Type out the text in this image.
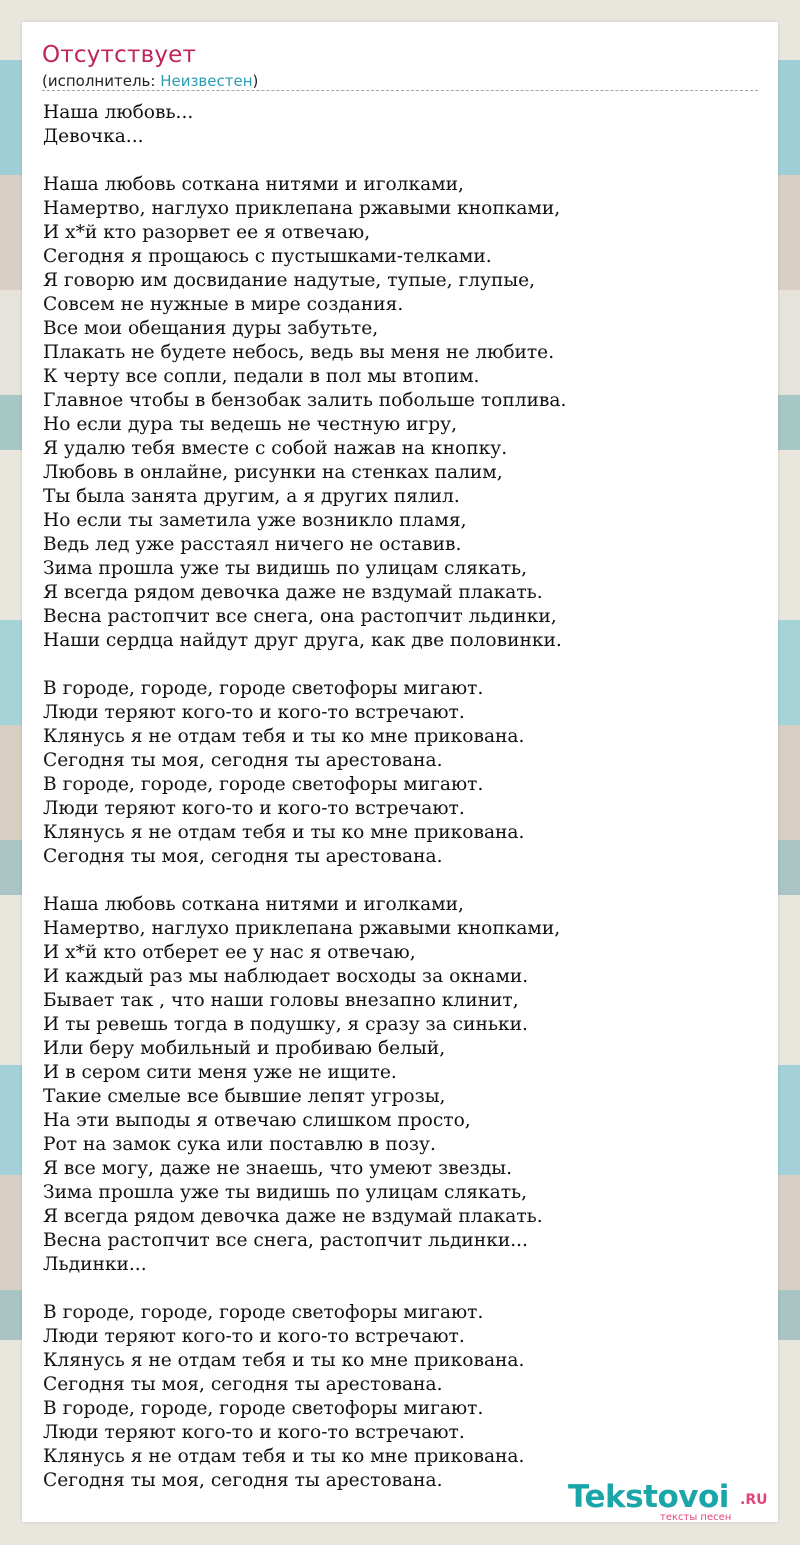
Отсутствует
(исполнитель: Неизвестен)
Наша любовь...
Девочка...
Наша любовь соткана нитями и иголками,
Намертво, наглухо приклепана ржавыми кнопками,
И х*й кто разорвет ее я отвечаю,
Сегодня я прощаюсь с пустышками-телками.
Я говорю им досвидание надутые, тупые, глупые,
Совсем не нужные в мире создания.
Все мои обещания дуры забутьте,
Плакать не будете небось, ведь вы меня не любите.
К черту все сопли, педали в пол мы втопим.
Главное чтобы в бензобак залить побольше топлива.
Но если дура ты ведешь не честную игру,
Я удалю тебя вместе с собой нажав на кнопку.
Любовь в онлайне, рисунки на стенках палим,
Ты была занята другим, а я других пялил.
Но если ты заметила уже возникло пламя,
Ведь лед уже расстаял ничего не оставив.
Зима прошла уже ты видишь по улицам слякать,
Я всегда рядом девочка даже не вздумай плакать.
Весна растопчит все снега, она растопчит льдинки,
Наши сердца найдут друг друга, как две половинки.
В городе, городе, городе светофоры мигают.
Люди теряют кого-то и кого-то встречают.
Клянусь я не отдам тебя и ты ко мне прикована.
Сегодня ты моя, сегодня ты арестована.
В городе, городе, городе светофоры мигают.
Люди теряют кого-то и кого-то встречают.
Клянусь я не отдам тебя и ты ко мне прикована.
Сегодня ты моя, сегодня ты арестована.
Наша любовь соткана нитями и иголками,
Намертво, наглухо приклепана ржавыми кнопками,
И х*й кто отберет ее у нас я отвечаю,
И каждый раз мы наблюдает восходы за окнами.
Бывает так , что наши головы внезапно клинит,
И ты ревешь тогда в подушку, я сразу за синьки.
Или беру мобильный и пробиваю белый,
И в сером сити меня уже не ищите.
Такие смелые все бывшие лепят угрозы,
На эти выподы я отвечаю слишком просто,
Рот на замок сука или поставлю в позу.
Я все могу, даже не знаешь, что умеют звезды.
Зима прошла уже ты видишь по улицам слякать,
Я всегда рядом девочка даже не вздумай плакать.
Весна растопчит все снега, растопчит льдинки...
Льдинки...
В городе, городе, городе светофоры мигают.
Люди теряют кого-то и кого-то встречают.
Клянусь я не отдам тебя и ты ко мне прикована.
Сегодня ты моя, сегодня ты арестована.
В городе, городе, городе светофоры мигают.
Люди теряют кого-то и кого-то встречают.
Клянусь я не отдам тебя и ты ко мне прикована.
Сегодня ты моя, сегодня ты арестована.	Tekstovoi .RU
тексты песен
